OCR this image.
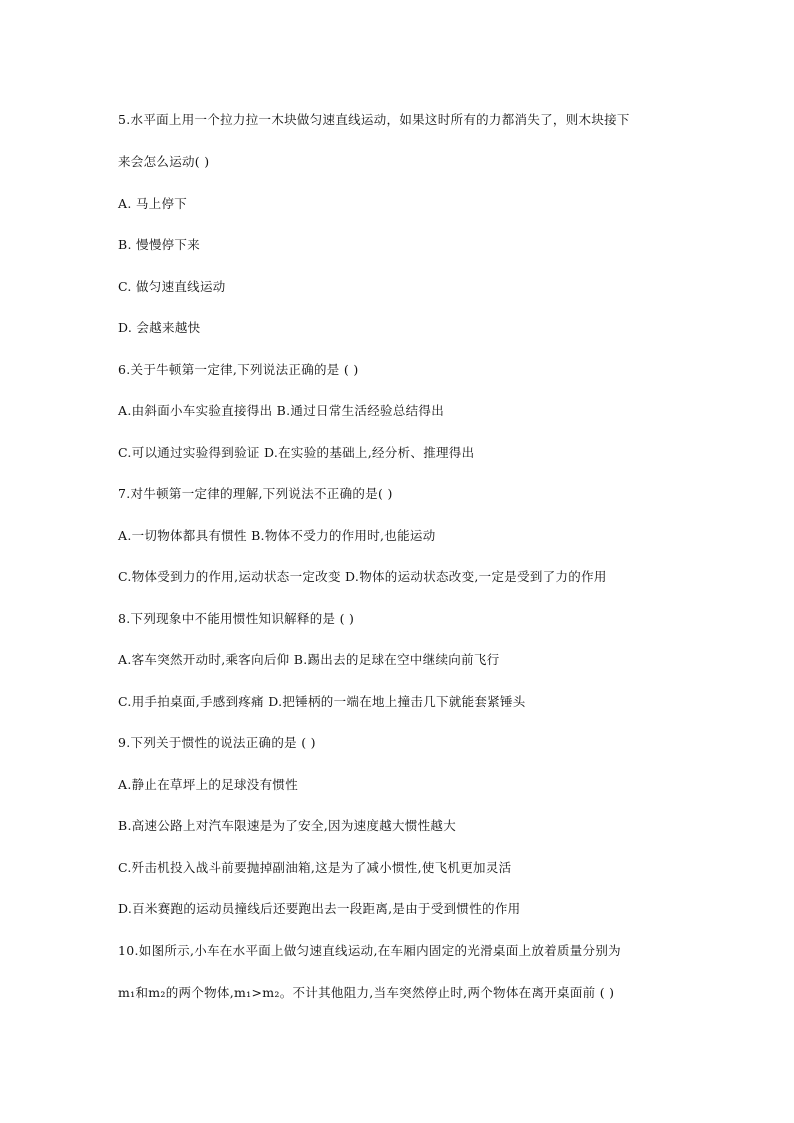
5.水平面上用一个拉力拉一木块做匀速直线运动，如果这时所有的力都消失了，则木块接下
来会怎么运动( )
A. 马上停下
B. 慢慢停下来
C. 做匀速直线运动
D. 会越来越快
6.关于牛顿第一定律,下列说法正确的是 ( )
A.由斜面小车实验直接得出 B.通过日常生活经验总结得出
C.可以通过实验得到验证 D.在实验的基础上,经分析、推理得出
7.对牛顿第一定律的理解,下列说法不正确的是( )
A.一切物体都具有惯性 B.物体不受力的作用时,也能运动
C.物体受到力的作用,运动状态一定改变 D.物体的运动状态改变,一定是受到了力的作用
8.下列现象中不能用惯性知识解释的是 ( )
A.客车突然开动时,乘客向后仰 B.踢出去的足球在空中继续向前飞行
C.用手拍桌面,手感到疼痛 D.把锤柄的一端在地上撞击几下就能套紧锤头
9.下列关于惯性的说法正确的是 ( )
A.静止在草坪上的足球没有惯性
B.高速公路上对汽车限速是为了安全,因为速度越大惯性越大
C.歼击机投入战斗前要抛掉副油箱,这是为了减小惯性,使飞机更加灵活
D.百米赛跑的运动员撞线后还要跑出去一段距离,是由于受到惯性的作用
10.如图所示,小车在水平面上做匀速直线运动,在车厢内固定的光滑桌面上放着质量分别为
m₁和m₂的两个物体,m₁>m₂。不计其他阻力,当车突然停止时,两个物体在离开桌面前 ( )
